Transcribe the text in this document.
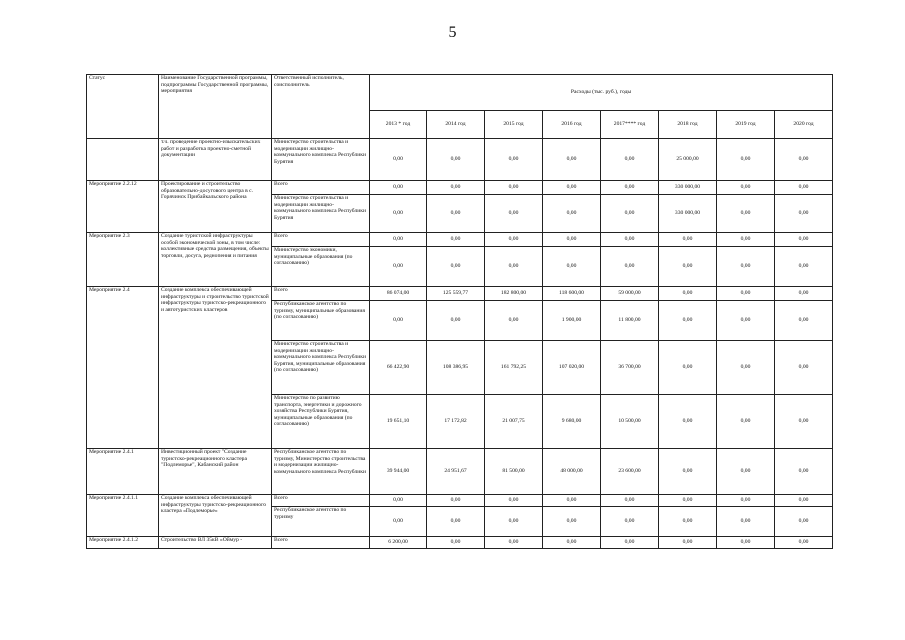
5
Статус	Наименование Государственной программы, подпрограммы Государственной программы, мероприятия	Ответственный исполнитель, соисполнитель	Расходы (тыс. руб.), годы							
			2013 * год	2014 год	2015 год	2016 год	2017**** год	2018 год	2019 год	2020 год
	т.ч. проведение проектно-изыскательских работ и разработка проектно-сметной документации	Министерство строительства и модернизации жилищно-коммунального комплекса Республики Бурятия	0,00	0,00	0,00	0,00	0,00	25 000,00	0,00	0,00
Мероприятие 2.2.12	Проектирование и строительство образовательно-досугового центра в с. Горячинск Прибайкальского района	Всего	0,00	0,00	0,00	0,00	0,00	330 000,00	0,00	0,00
		Министерство строительства и модернизации жилищно-коммунального комплекса Республики Бурятия	0,00	0,00	0,00	0,00	0,00	330 000,00	0,00	0,00
Мероприятие 2.3	Создание туристской инфраструктуры особой экономической зоны, в том числе: коллективные средства размещения, объекты торговли, досуга, реднопения и питания	Всего	0,00	0,00	0,00	0,00	0,00	0,00	0,00	0,00
		Министерство экономики, муниципальные образования (по согласованию)	0,00	0,00	0,00	0,00	0,00	0,00	0,00	0,00
Мероприятие 2.4	Создание комплекса обеспечивающей инфраструктуры и строительство туристской инфраструктуры туристско-рекреационного и автотуристских кластеров	Всего	86 074,00	125 559,77	182 800,00	118 600,00	59 000,00	0,00	0,00	0,00
		Республиканское агентство по туризму, муниципальные образования (по согласованию)	0,00	0,00	0,00	1 900,00	11 800,00	0,00	0,00	0,00
		Министерство строительства и модернизации жилищно-коммунального комплекса Республики Бурятия, муниципальные образования (по согласованию)	66 422,90	108 386,95	161 792,25	107 020,00	36 700,00	0,00	0,00	0,00
		Министерство по развитию транспорта, энергетики и дорожного хозяйства Республики Бурятия, муниципальные образования (по согласованию)	19 651,10	17 172,82	21 007,75	9 680,00	10 500,00	0,00	0,00	0,00
Мероприятие 2.4.1	Инвестиционный проект "Создание туристско-рекреационного кластера "Подлеморье", Кабанский район	Республиканское агентство по туризму, Министерство строительства и модернизации жилищно-коммунального комплекса Республики	39 944,00	24 951,67	81 500,00	48 000,00	23 600,00	0,00	0,00	0,00
Мероприятие 2.4.1.1	Создание комплекса обеспечивающей инфраструктуры туристско-рекреационного кластера «Подлеморье»	Всего	0,00	0,00	0,00	0,00	0,00	0,00	0,00	0,00
		Республиканское агентство по туризму	0,00	0,00	0,00	0,00	0,00	0,00	0,00	0,00
Мероприятие 2.4.1.2	Строительство ВЛ 35кВ «Оймур -	Всего	6 200,00	0,00	0,00	0,00	0,00	0,00	0,00	0,00
